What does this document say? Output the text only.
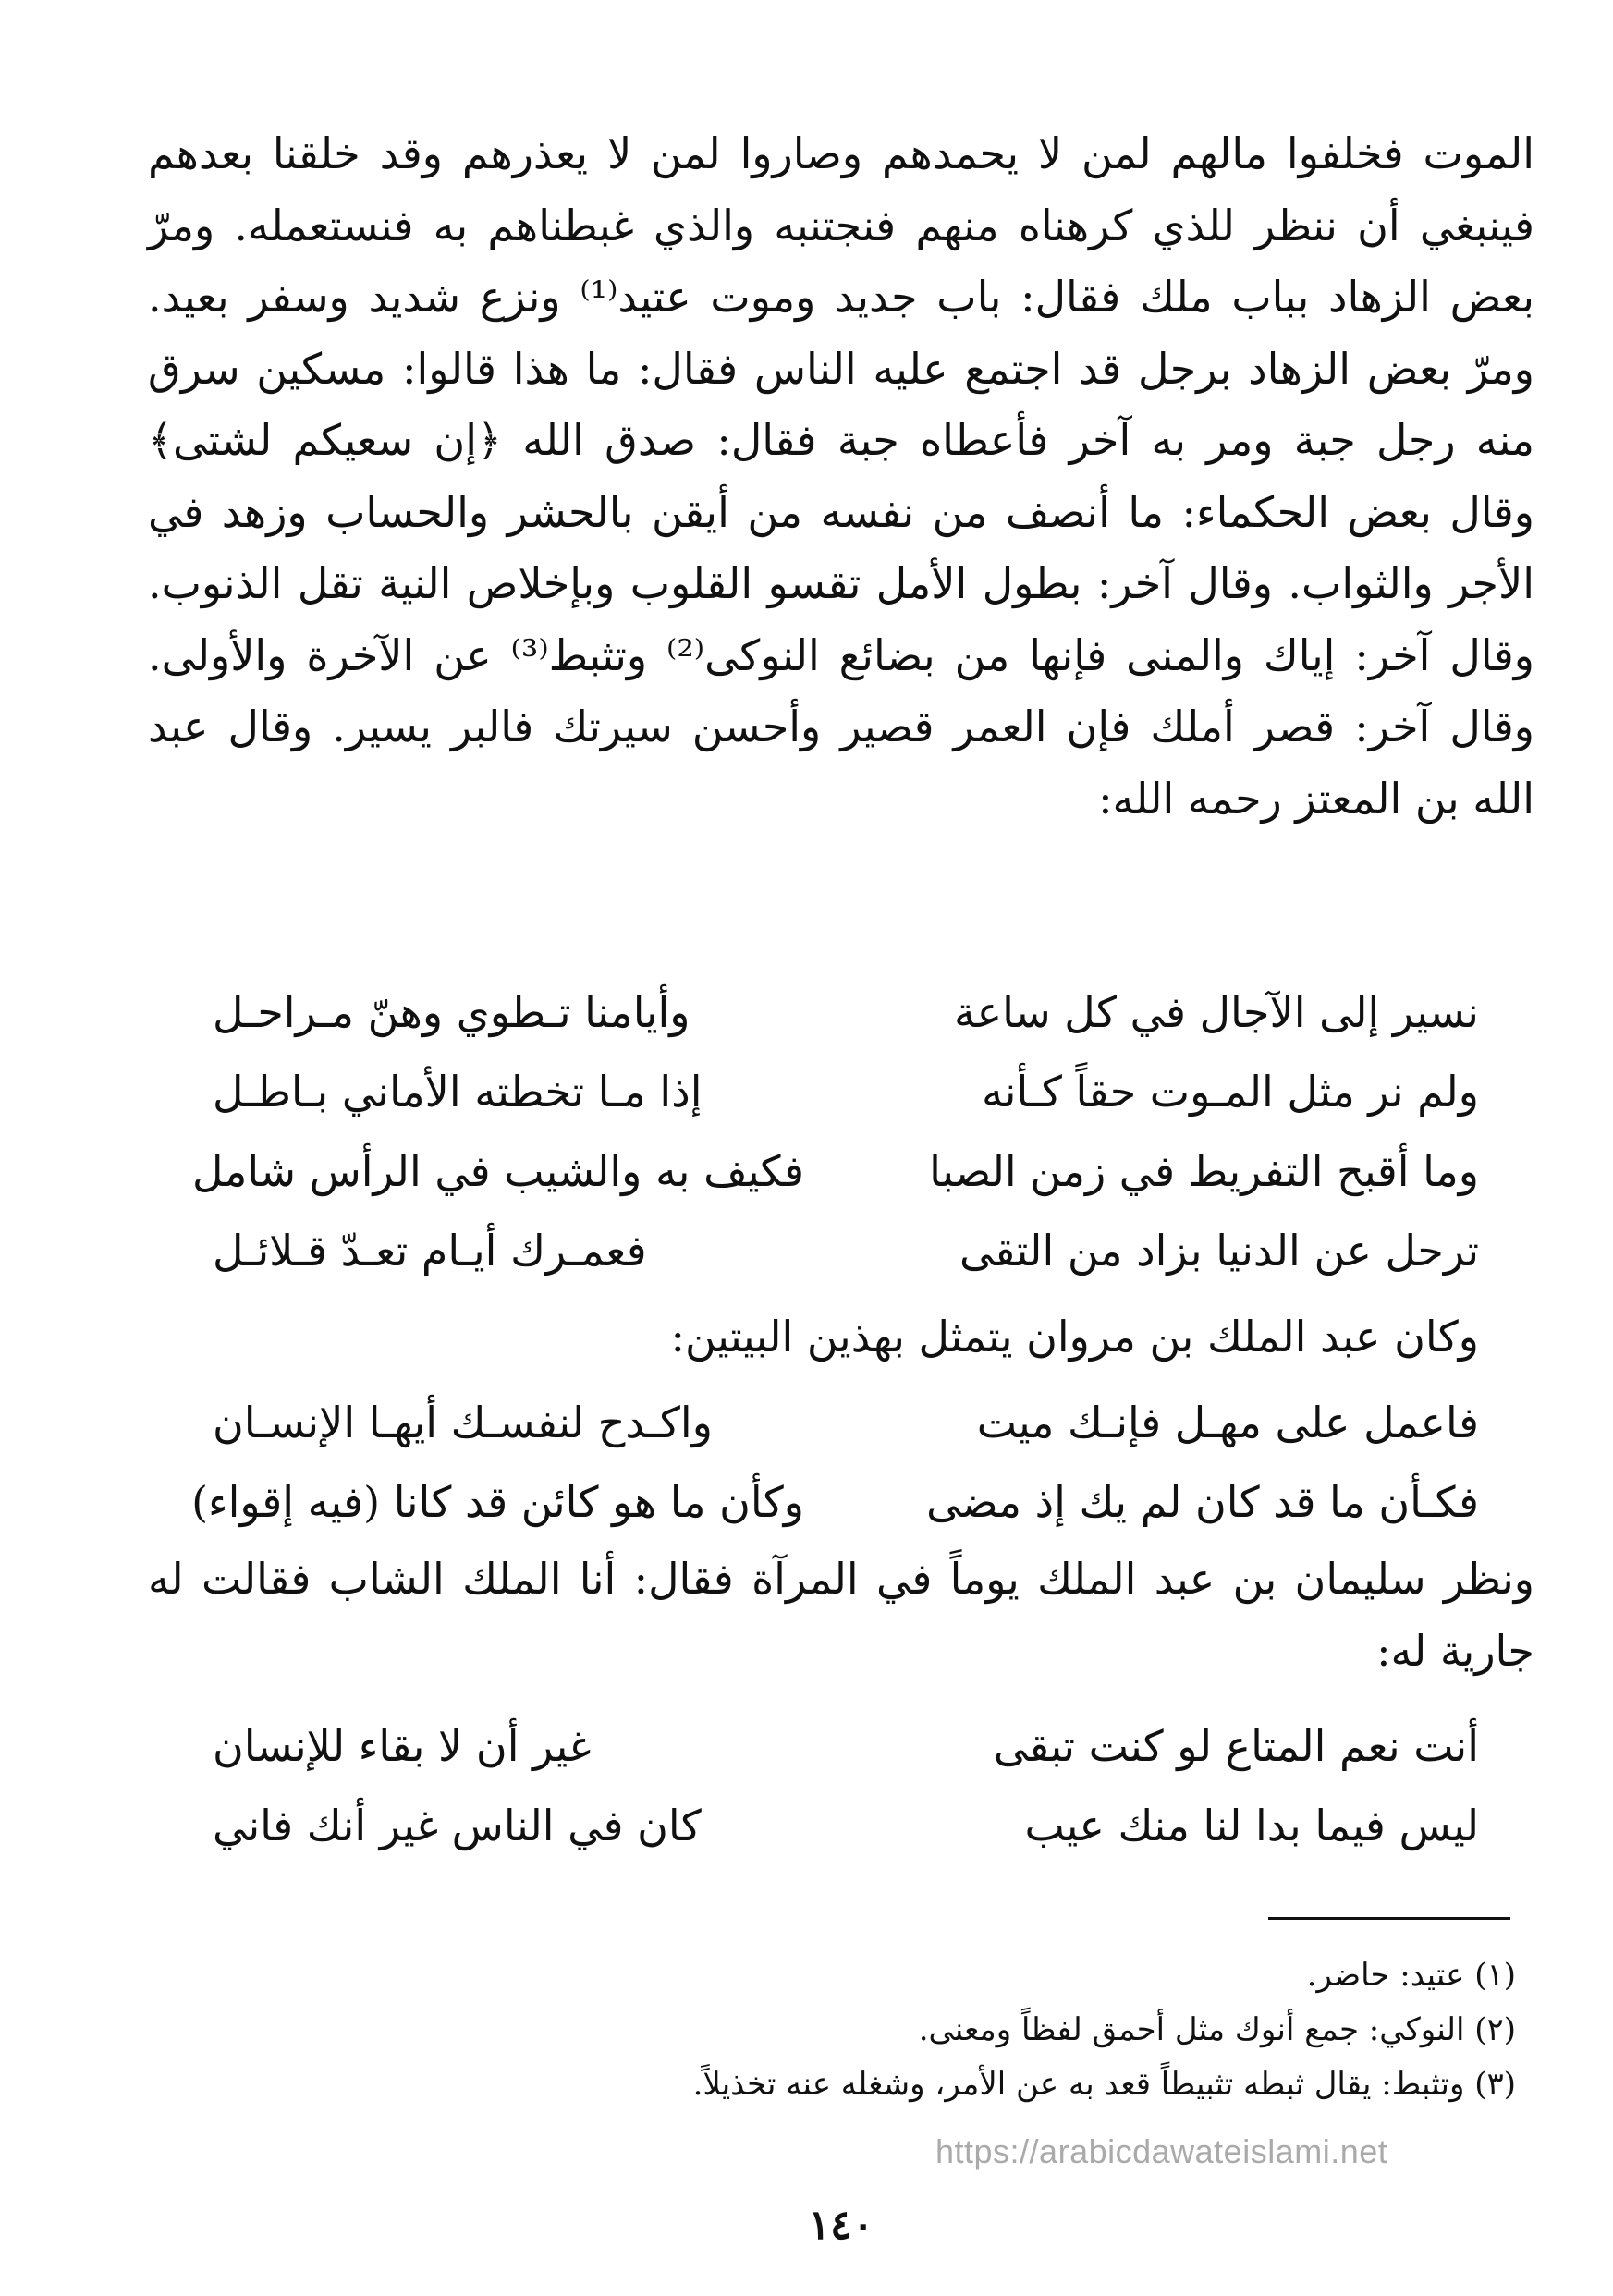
الموت فخلفوا مالهم لمن لا يحمدهم وصاروا لمن لا يعذرهم وقد خلقنا بعدهم فينبغي أن ننظر للذي كرهناه منهم فنجتنبه والذي غبطناهم به فنستعمله. ومرّ بعض الزهاد بباب ملك فقال: باب جديد وموت عتيد⁽¹⁾ ونزع شديد وسفر بعيد. ومرّ بعض الزهاد برجل قد اجتمع عليه الناس فقال: ما هذا قالوا: مسكين سرق منه رجل جبة ومر به آخر فأعطاه جبة فقال: صدق الله ﴿إن سعيكم لشتى﴾ وقال بعض الحكماء: ما أنصف من نفسه من أيقن بالحشر والحساب وزهد في الأجر والثواب. وقال آخر: بطول الأمل تقسو القلوب وبإخلاص النية تقل الذنوب. وقال آخر: إياك والمنى فإنها من بضائع النوكى⁽²⁾ وتثبط⁽³⁾ عن الآخرة والأولى. وقال آخر: قصر أملك فإن العمر قصير وأحسن سيرتك فالبر يسير. وقال عبد الله بن المعتز رحمه الله:

نسير إلى الآجال في كل ساعة
وأيامنا تـطوي وهنّ مـراحـل
ولم نر مثل المـوت حقاً كـأنه
إذا مـا تخطته الأماني بـاطـل
وما أقبح التفريط في زمن الصبا
فكيف به والشيب في الرأس شامل
ترحل عن الدنيا بزاد من التقى
فعمـرك أيـام تعـدّ قـلائـل

وكان عبد الملك بن مروان يتمثل بهذين البيتين:

فاعمل على مهـل فإنـك ميت
واكـدح لنفسـك أيهـا الإنسـان
فكـأن ما قد كان لم يك إذ مضى
وكأن ما هو كائن قد كانا (فيه إقواء)

ونظر سليمان بن عبد الملك يوماً في المرآة فقال: أنا الملك الشاب فقالت له جارية له:

أنت نعم المتاع لو كنت تبقى
غير أن لا بقاء للإنسان
ليس فيما بدا لنا منك عيب
كان في الناس غير أنك فاني

(١) عتيد: حاضر.

(٢) النوكي: جمع أنوك مثل أحمق لفظاً ومعنى.

(٣) وتثبط: يقال ثبطه تثبيطاً قعد به عن الأمر، وشغله عنه تخذيلاً.

https://arabicdawateislami.net
١٤٠
